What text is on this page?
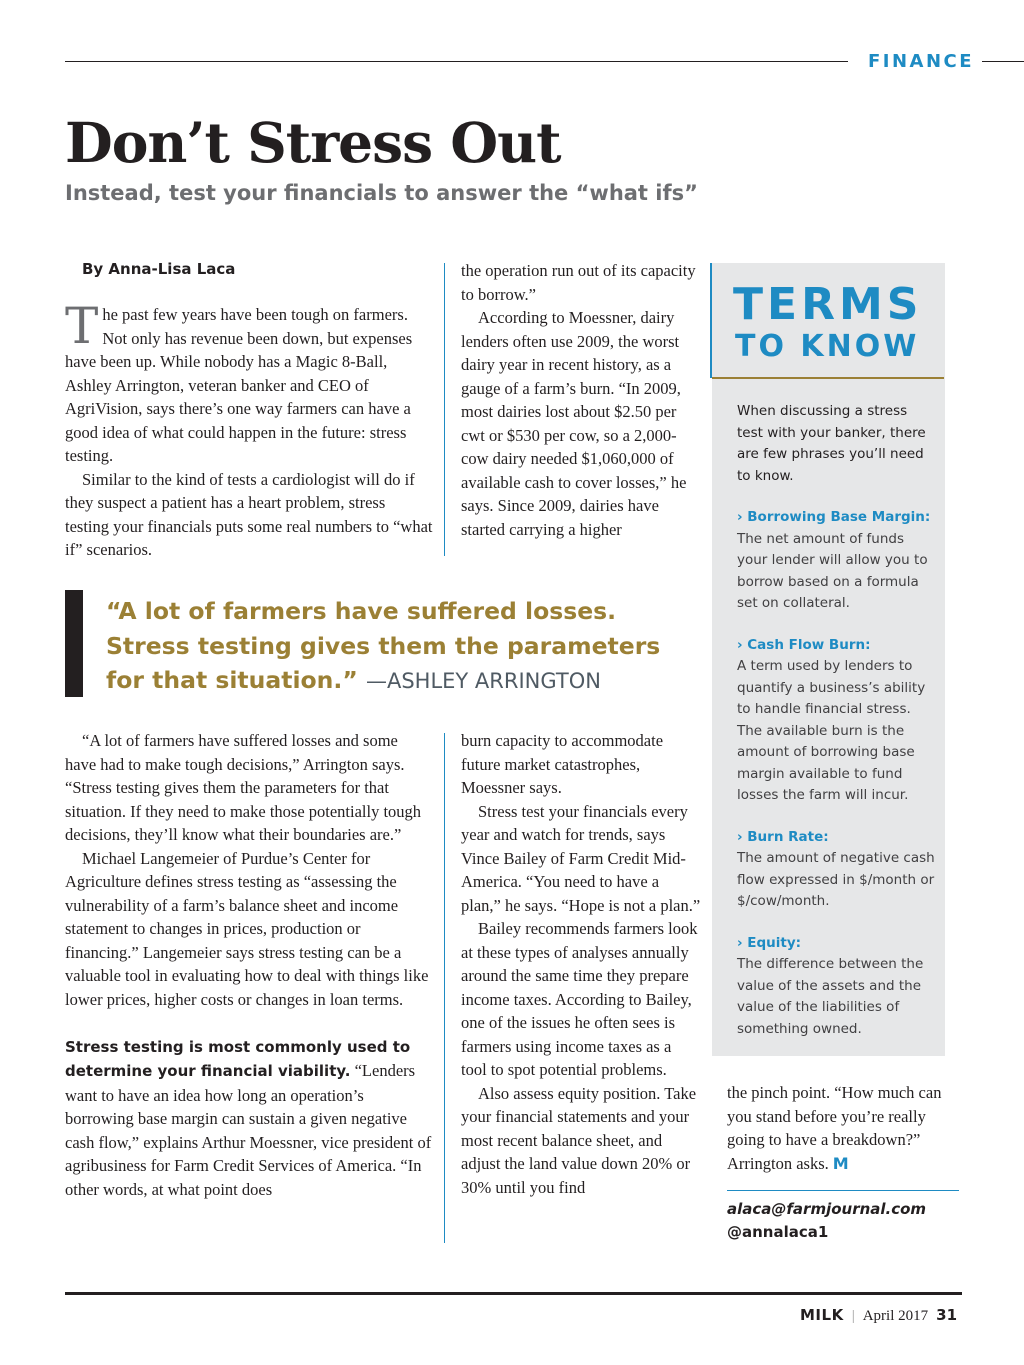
FINANCE
Don’t Stress Out
Instead, test your financials to answer the “what ifs”

By Anna-Lisa Laca

The past few years have been tough on farmers. Not only has revenue been down, but expenses have been up. While nobody has a Magic 8-Ball, Ashley Arrington, veteran banker and CEO of AgriVision, says there’s one way farmers can have a good idea of what could happen in the future: stress testing.

Similar to the kind of tests a cardiologist will do if they suspect a patient has a heart problem, stress testing your financials puts some real numbers to “what if” scenarios.

the operation run out of its capacity to borrow.”

According to Moessner, dairy lenders often use 2009, the worst dairy year in recent history, as a gauge of a farm’s burn. “In 2009, most dairies lost about $2.50 per cwt or $530 per cow, so a 2,000-cow dairy needed $1,060,000 of available cash to cover losses,” he says. Since 2009, dairies have started carrying a higher

“A lot of farmers have suffered losses. Stress testing gives them the parameters for that situation.” —ASHLEY ARRINGTON

“A lot of farmers have suffered losses and some have had to make tough decisions,” Arrington says. “Stress testing gives them the parameters for that situation. If they need to make those potentially tough decisions, they’ll know what their boundaries are.”

Michael Langemeier of Purdue’s Center for Agriculture defines stress testing as “assessing the vulnerability of a farm’s balance sheet and income statement to changes in prices, production or financing.” Langemeier says stress testing can be a valuable tool in evaluating how to deal with things like lower prices, higher costs or changes in loan terms.

Stress testing is most commonly used to determine your financial viability. “Lenders want to have an idea how long an operation’s borrowing base margin can sustain a given negative cash flow,” explains Arthur Moessner, vice president of agribusiness for Farm Credit Services of America. “In other words, at what point does

burn capacity to accommodate future market catastrophes, Moessner says.

Stress test your financials every year and watch for trends, says Vince Bailey of Farm Credit Mid-America. “You need to have a plan,” he says. “Hope is not a plan.”

Bailey recommends farmers look at these types of analyses annually around the same time they prepare income taxes. According to Bailey, one of the issues he often sees is farmers using income taxes as a tool to spot potential problems.

Also assess equity position. Take your financial statements and your most recent balance sheet, and adjust the land value down 20% or 30% until you find

TERMS
TO KNOW

When discussing a stress test with your banker, there are few phrases you’ll need to know.

› Borrowing Base Margin:
The net amount of funds your lender will allow you to borrow based on a formula set on collateral.
› Cash Flow Burn:
A term used by lenders to quantify a business’s ability to handle financial stress. The available burn is the amount of borrowing base margin available to fund losses the farm will incur.
› Burn Rate:
The amount of negative cash flow expressed in $/month or $/cow/month.
› Equity:
The difference between the value of the assets and the value of the liabilities of something owned.

the pinch point. “How much can you stand before you’re really going to have a breakdown?” Arrington asks. M

alaca@farmjournal.com
@annalaca1
MILK | April 2017 31
